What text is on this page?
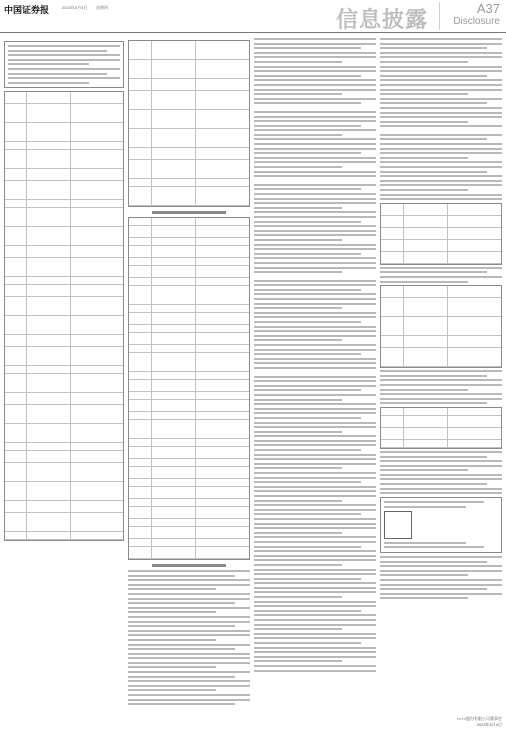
中国证券报	2023年5月4日 星期四
信息披露	A37
Disclosure
××××股份有限公司董事会
2023年5月4日
